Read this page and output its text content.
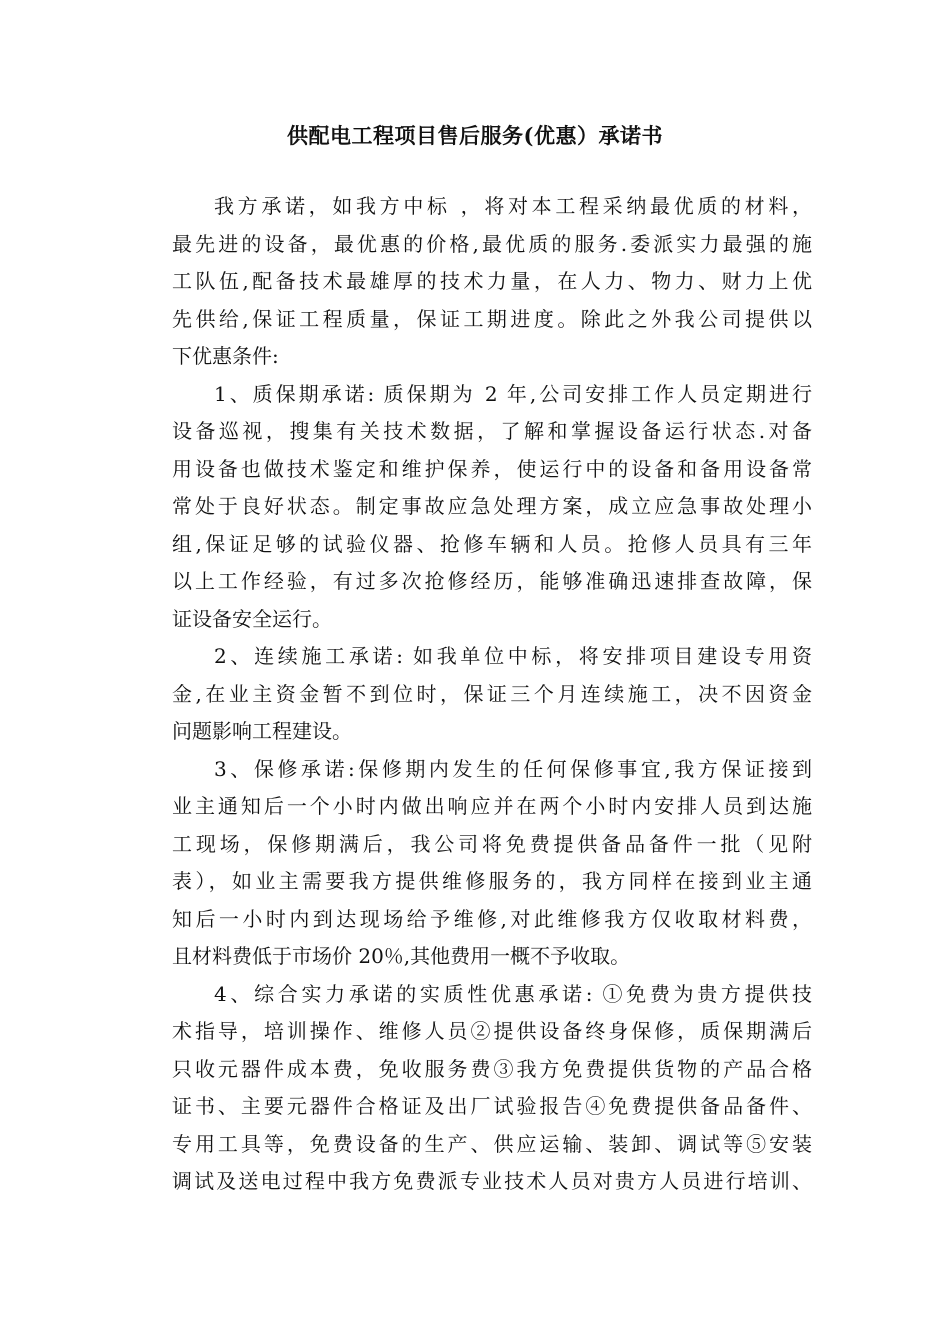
供配电工程项目售后服务(优惠）承诺书
我方承诺，如我方中标 ，将对本工程采纳最优质的材料，
最先进的设备，最优惠的价格,最优质的服务.委派实力最强的施
工队伍,配备技术最雄厚的技术力量，在人力、物力、财力上优
先供给,保证工程质量，保证工期进度。除此之外我公司提供以
下优惠条件:
1、质保期承诺: 质保期为 2 年,公司安排工作人员定期进行
设备巡视，搜集有关技术数据，了解和掌握设备运行状态.对备
用设备也做技术鉴定和维护保养，使运行中的设备和备用设备常
常处于良好状态。制定事故应急处理方案，成立应急事故处理小
组,保证足够的试验仪器、抢修车辆和人员。抢修人员具有三年
以上工作经验，有过多次抢修经历，能够准确迅速排查故障，保
证设备安全运行。
2、连续施工承诺: 如我单位中标，将安排项目建设专用资
金,在业主资金暂不到位时，保证三个月连续施工，决不因资金
问题影响工程建设。
3、保修承诺:保修期内发生的任何保修事宜,我方保证接到
业主通知后一个小时内做出响应并在两个小时内安排人员到达施
工现场，保修期满后，我公司将免费提供备品备件一批（见附
表），如业主需要我方提供维修服务的，我方同样在接到业主通
知后一小时内到达现场给予维修,对此维修我方仅收取材料费，
且材料费低于市场价 20％,其他费用一概不予收取。
4、综合实力承诺的实质性优惠承诺: ①免费为贵方提供技
术指导，培训操作、维修人员②提供设备终身保修，质保期满后
只收元器件成本费，免收服务费③我方免费提供货物的产品合格
证书、主要元器件合格证及出厂试验报告④免费提供备品备件、
专用工具等，免费设备的生产、供应运输、装卸、调试等⑤安装
调试及送电过程中我方免费派专业技术人员对贵方人员进行培训、
